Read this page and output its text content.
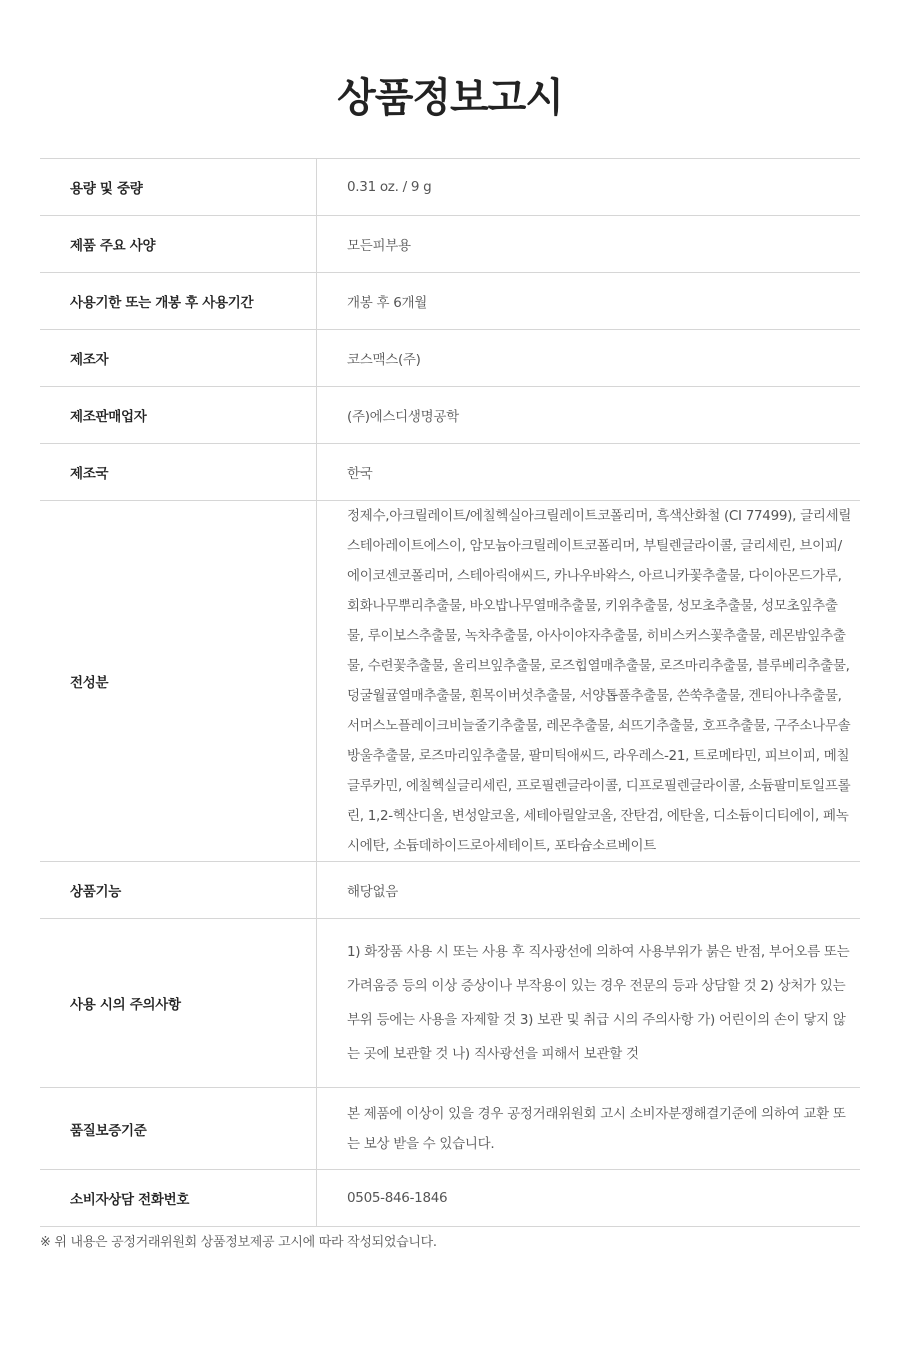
상품정보고시
용량 및 중량	0.31 oz. / 9 g
제품 주요 사양	모든피부용
사용기한 또는 개봉 후 사용기간	개봉 후 6개월
제조자	코스맥스(주)
제조판매업자	(주)에스디생명공학
제조국	한국
전성분	정제수,아크릴레이트/에칠헥실아크릴레이트코폴리머, 흑색산화철 (CI 77499), 글리세릴스테아레이트에스이, 암모늄아크릴레이트코폴리머, 부틸렌글라이콜, 글리세린, 브이피/에이코센코폴리머, 스테아릭애씨드, 카나우바왁스, 아르니카꽃추출물, 다이아몬드가루, 회화나무뿌리추출물, 바오밥나무열매추출물, 키위추출물, 성모초추출물, 성모초잎추출물, 루이보스추출물, 녹차추출물, 아사이야자추출물, 히비스커스꽃추출물, 레몬밤잎추출물, 수련꽃추출물, 올리브잎추출물, 로즈힙열매추출물, 로즈마리추출물, 블루베리추출물, 덩굴월귤열매추출물, 흰목이버섯추출물, 서양톱풀추출물, 쓴쑥추출물, 겐티아나추출물, 서머스노플레이크비늘줄기추출물, 레몬추출물, 쇠뜨기추출물, 호프추출물, 구주소나무솔방울추출물, 로즈마리잎추출물, 팔미틱애씨드, 라우레스-21, 트로메타민, 피브이피, 메칠글루카민, 에칠헥실글리세린, 프로필렌글라이콜, 디프로필렌글라이콜, 소듐팔미토일프롤린, 1,2-헥산디올, 변성알코올, 세테아릴알코올, 잔탄검, 에탄올, 디소듐이디티에이, 페녹시에탄, 소듐데하이드로아세테이트, 포타슘소르베이트

상품기능	해당없음
사용 시의 주의사항	1) 화장품 사용 시 또는 사용 후 직사광선에 의하여 사용부위가 붉은 반점, 부어오름 또는 가려움증 등의 이상 증상이나 부작용이 있는 경우 전문의 등과 상담할 것 2) 상처가 있는 부위 등에는 사용을 자제할 것 3) 보관 및 취급 시의 주의사항 가) 어린이의 손이 닿지 않는 곳에 보관할 것 나) 직사광선을 피해서 보관할 것

품질보증기준	본 제품에 이상이 있을 경우 공정거래위원회 고시 소비자분쟁해결기준에 의하여 교환 또는 보상 받을 수 있습니다.

소비자상담 전화번호	0505-846-1846
※ 위 내용은 공정거래위원회 상품정보제공 고시에 따라 작성되었습니다.
